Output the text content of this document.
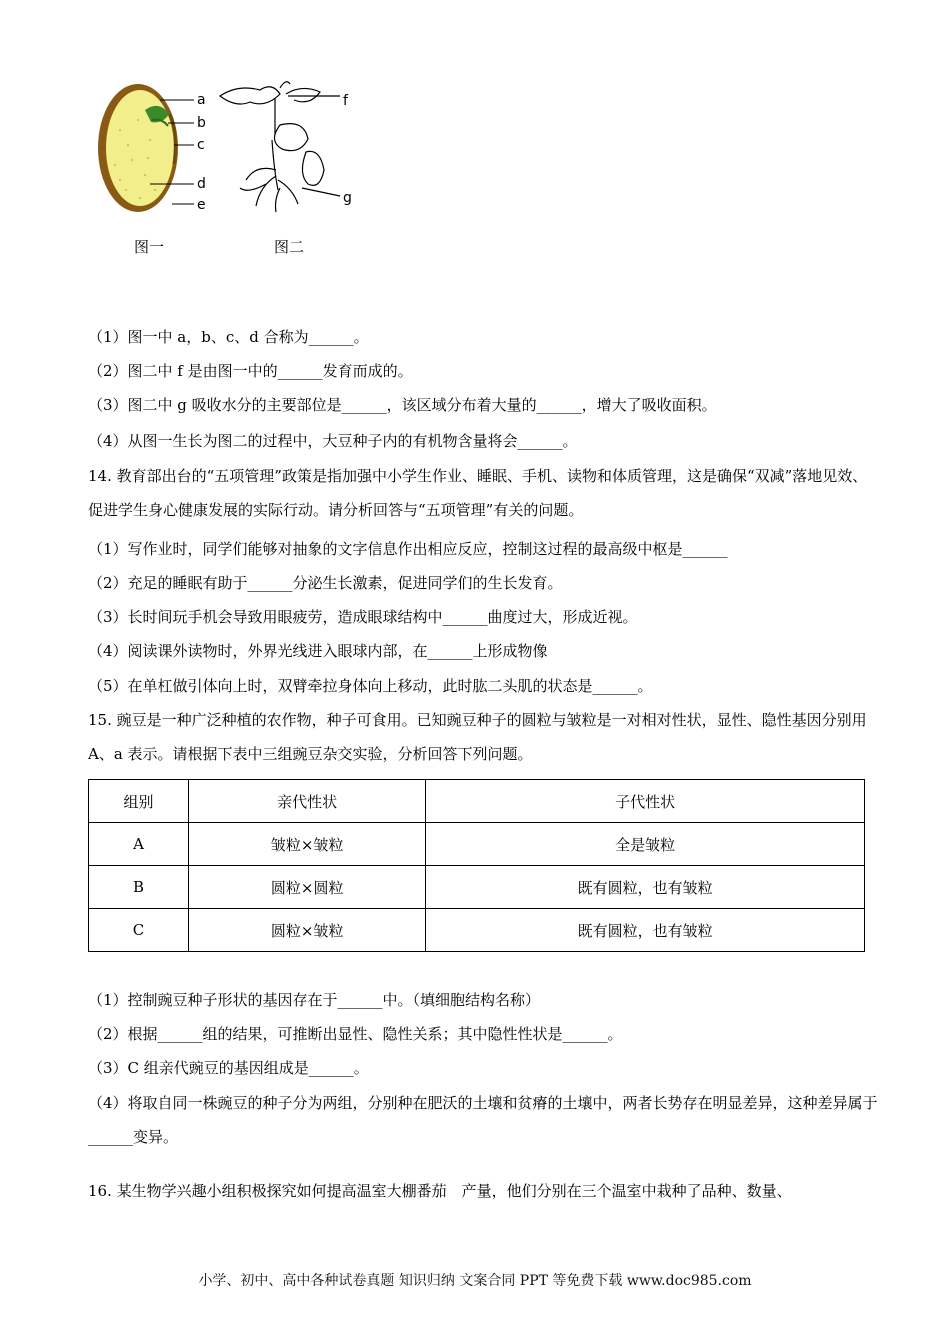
a
b
c
d
e
f
g
图一	图二
（1）图一中 a，b、c、d 合称为______。
（2）图二中 f 是由图一中的______发育而成的。
（3）图二中 g 吸收水分的主要部位是______，该区域分布着大量的______，增大了吸收面积。
（4）从图一生长为图二的过程中，大豆种子内的有机物含量将会______。
14. 教育部出台的“五项管理”政策是指加强中小学生作业、睡眠、手机、读物和体质管理，这是确保“双减”落地见效、促进学生身心健康发展的实际行动。请分析回答与“五项管理”有关的问题。
（1）写作业时，同学们能够对抽象的文字信息作出相应反应，控制这过程的最高级中枢是______
（2）充足的睡眠有助于______分泌生长激素，促进同学们的生长发育。
（3）长时间玩手机会导致用眼疲劳，造成眼球结构中______曲度过大，形成近视。
（4）阅读课外读物时，外界光线进入眼球内部，在______上形成物像
（5）在单杠做引体向上时，双臂牵拉身体向上移动，此时肱二头肌的状态是______。
15. 豌豆是一种广泛种植的农作物，种子可食用。已知豌豆种子的圆粒与皱粒是一对相对性状，显性、隐性基因分别用 A、a 表示。请根据下表中三组豌豆杂交实验，分析回答下列问题。
组别	亲代性状	子代性状
A	皱粒×皱粒	全是皱粒
B	圆粒×圆粒	既有圆粒，也有皱粒
C	圆粒×皱粒	既有圆粒，也有皱粒
（1）控制豌豆种子形状的基因存在于______中。（填细胞结构名称）
（2）根据______组的结果，可推断出显性、隐性关系；其中隐性性状是______。
（3）C 组亲代豌豆的基因组成是______。
（4）将取自同一株豌豆的种子分为两组，分别种在肥沃的土壤和贫瘠的土壤中，两者长势存在明显差异，这种差异属于______变异。
16. 某生物学兴趣小组积极探究如何提高温室大棚番茄　产量，他们分别在三个温室中栽种了品种、数量、
小学、初中、高中各种试卷真题 知识归纳 文案合同 PPT 等免费下载 www.doc985.com
